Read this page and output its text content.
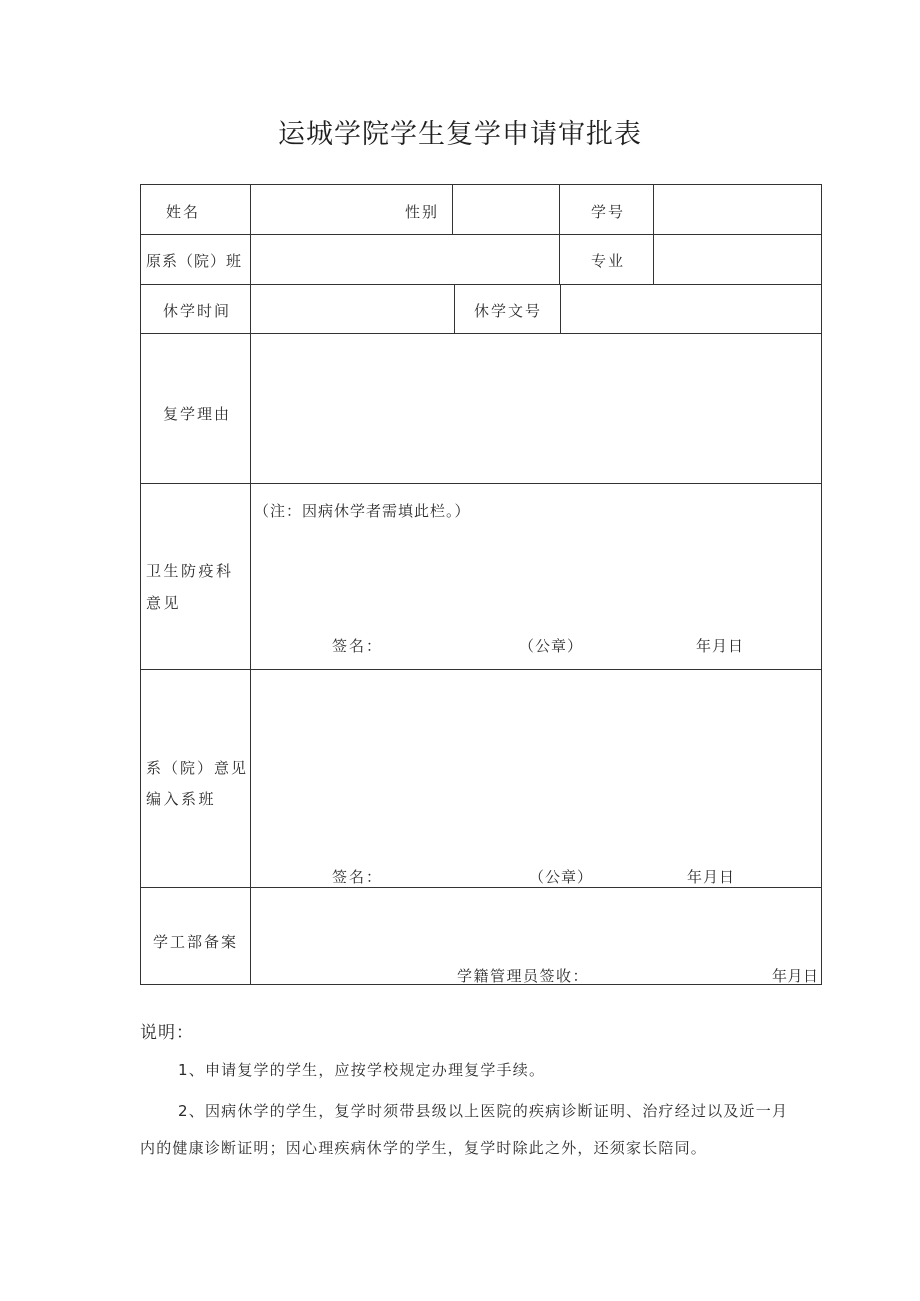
运城学院学生复学申请审批表
姓名	性别	学号
原系（院）班	专业
休学时间	休学文号
复学理由
卫生防疫科意见
（注：因病休学者需填此栏。）
签名：	（公章）	年月日
系（院）意见
编入系班
签名：	（公章）	年月日
学工部备案
学籍管理员签收：	年月日
说明：
1、申请复学的学生，应按学校规定办理复学手续。
2、因病休学的学生，复学时须带县级以上医院的疾病诊断证明、治疗经过以及近一月
内的健康诊断证明；因心理疾病休学的学生，复学时除此之外，还须家长陪同。
